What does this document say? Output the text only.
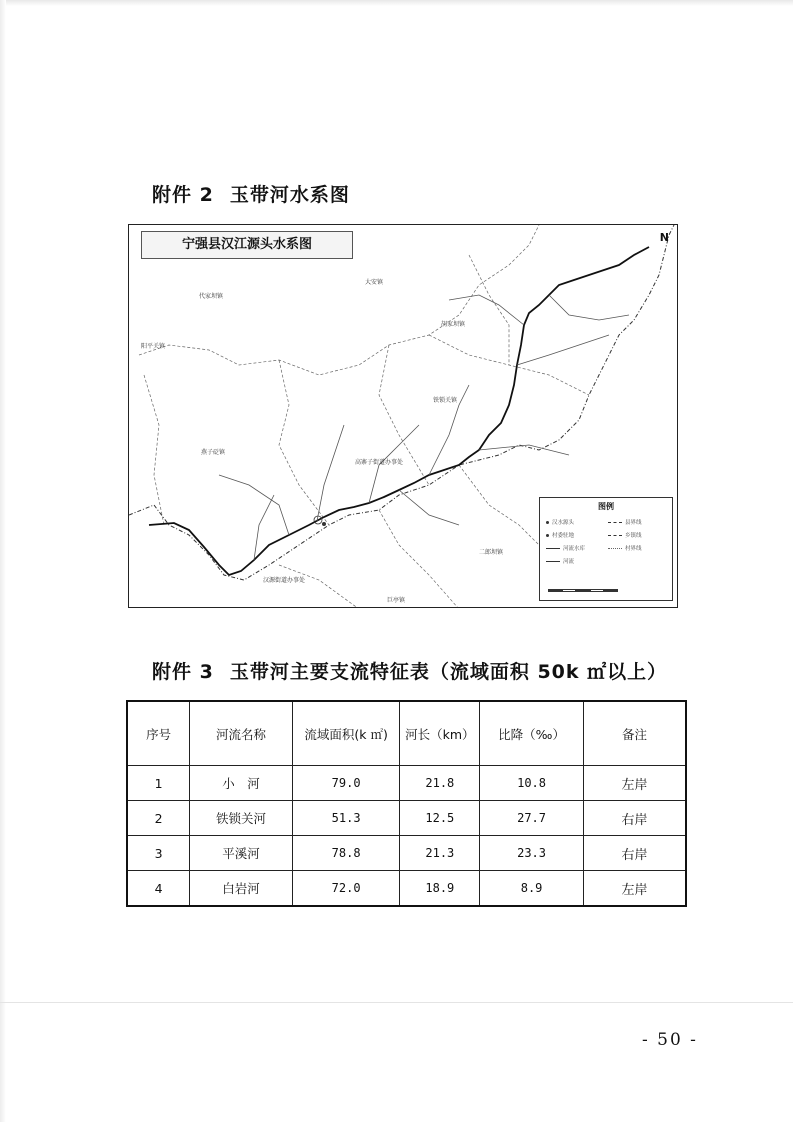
附件 2 玉带河水系图
宁强县汉江源头水系图	N
代家坝镇
大安镇
胡家坝镇
铁锁关镇
阳平关镇
燕子砭镇
高寨子街道办事处
二郎坝镇
汉源街道办事处
巨亭镇
图例
汉水源头	县界线
村委驻地	乡镇线
河流水库	村界线
河流
附件 3 玉带河主要支流特征表（流域面积 50k ㎡以上）
序号	河流名称	流域面积(k ㎡)	河长（km）	比降（‰）	备注
1	小　河	79.0	21.8	10.8	左岸
2	铁锁关河	51.3	12.5	27.7	右岸
3	平溪河	78.8	21.3	23.3	右岸
4	白岩河	72.0	18.9	8.9	左岸
- 50 -
